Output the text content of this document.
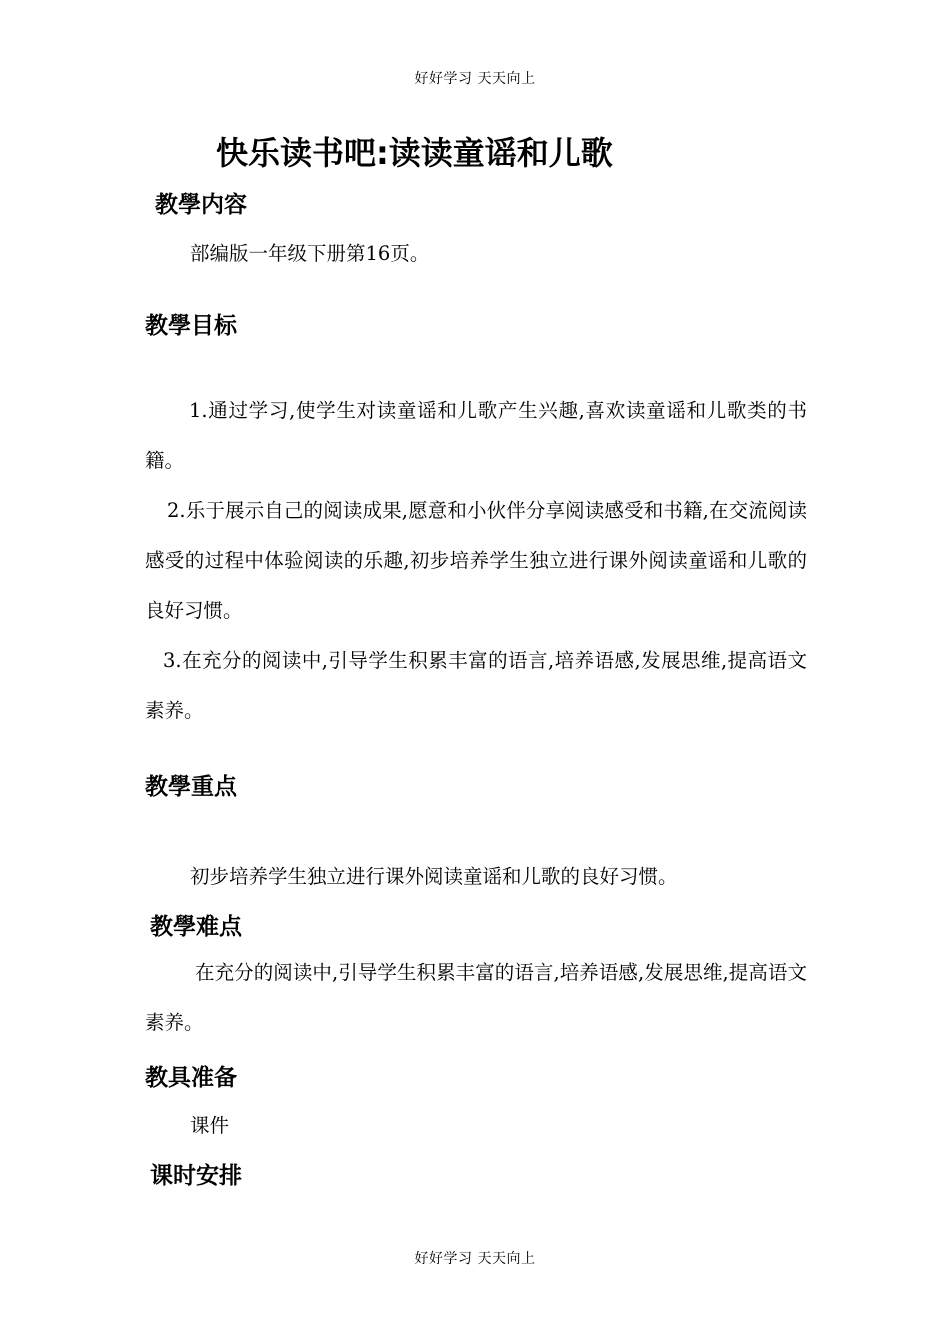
好好学习 天天向上
快乐读书吧:读读童谣和儿歌
教學内容
部编版一年级下册第16页。
教學目标
1.通过学习,使学生对读童谣和儿歌产生兴趣,喜欢读童谣和儿歌类的书籍。
2.乐于展示自己的阅读成果,愿意和小伙伴分享阅读感受和书籍,在交流阅读感受的过程中体验阅读的乐趣,初步培养学生独立进行课外阅读童谣和儿歌的良好习惯。
3.在充分的阅读中,引导学生积累丰富的语言,培养语感,发展思维,提高语文素养。
教學重点
初步培养学生独立进行课外阅读童谣和儿歌的良好习惯。
教學难点
在充分的阅读中,引导学生积累丰富的语言,培养语感,发展思维,提高语文素养。
教具准备
课件
课时安排
好好学习 天天向上
